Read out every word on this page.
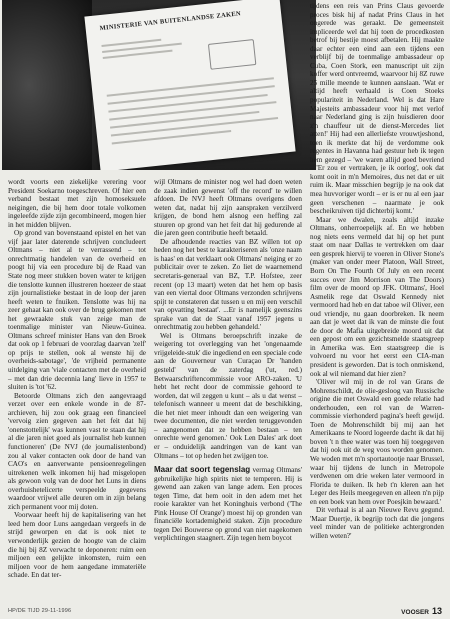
MINISTERIE VAN BUITENLANDSE ZAKEN

wordt voorts een ziekelijke verering voor President Soekarno toegeschreven. Of hier een verband bestaat met zijn homoseksuele neigingen, die bij hem door totale volkomen ingeleefde zijde zijn gecombineerd, mogen hier in het midden blijven.

Op grond van bovenstaand epistel en het van vijf jaar later daterende schrijven concludeert Oltmans – niet al te verrassend – tot onrechtmatig handelen van de overheid en poogt hij via een procedure bij de Raad van State nog meer stukken boven water te krijgen die tenslotte kunnen illustreren hoezeer de staat zijn journalistieke bestaat in de loop der jaren heeft weten te fnuiken. Tenslotte was hij na zeer gehaat kan ook over de brug gekomen met het gewraakte stuk van zeige man de toenmalige minister van Nieuw-Guinea. Oltmans schreef minister Hans van den Broek dat ook op 1 februari de voorzlag daarvan 'zelf' op prijs te stellen, ook al wenste hij de overheids-sabotage', 'de vrijheid permanente uitdelging van 'viale contacten met de overheid – met dan drie decennia lang' lieve in 1957 te sluiten is 'tot '62.

Betoorde Oltmans zich den aangevraagd verzet over een enkele wonde in de 87-archieven, hij zou ook graag een financieel 'vervoig zien gegeven aan het feit dat hij 'onenstottelijk' was kunnen vast te staan dat hij al die jaren niet goed als journalist heb kunnen functioneren' (De NVJ (de journalistenbond) zou al vaker contacten ook door de hand van CAO's en aanverwante pensioenregelingen uitrekenen welk inkomen hij had misgelopen als gewoon volg van de door het Luns in diens overhuishetelicerte verspeelde gegevens waardoor vrijwel alle deuren om in zijn belang zich permanent voor mij doten.

Voorwaar heeft hij de kapitalisering van het leed hem door Luns aangedaan vergeefs in de strijd geworpen en dat is ook niet te verwonderlijk gezien de hoogte van de claim die hij bij 8Z verwacht te deponeren: ruim een miljoen een gelijkte inkomsten, ruim een miljoen voor de hem aangedane immateriële schade. En dat ter-

wijl Oltmans de minister nog wel had doen weten de zaak indien gewenst 'off the record' te willen afdoen. De NVJ heeft Oltmans overigens doen weten dat, nadat hij zijn aanspraken verzilverd krijgen, de bond hem alsnog een heffing zal stuuren op grond van het feit dat hij gedurende al die jaren geen contributie heeft betaald.

De afhoudende reacties van BZ willen tot op heden nog het best te karakteriseren als 'onze naam is haas' en dat verklaart ook Oltmans' neiging er zo publicitair over te zeken. Zo liet de waarnemend secretaris-generaal van BZ, T.P. Hofstee, zeer recent (op 13 maart) weten dat het hem op basis van een viertal door Oltmans verzonden schrijvens spijt te constateren dat tussen u en mij een verschil van opvatting bestaat'. ...Er is namelijk geenszins sprake van dat de Staat vanaf 1957 jegens u onrechtmatig zou hebben gehandeld.'

Wel is Oltmans beroepschrift inzake de weigering tot overlegging van het 'ongenaamde vrijgeleide-stuk' die ingediend en een speciale code aan de Gouverneur van Curaçao Dr 'handen gesteld' van de zaterdag ('ut, red.) Betwaarschriftencommissie voor ARO-zaken. 'U hebt het recht door de commissie gehoord te worden, dat wil zeggen u kunt – als u dat wenst – telefonisch wanneer u meent dat de beschikking, die het niet meer inhoudt dan een weigering van twee documenten, die niet werden teruggevonden – aangenomen dat ze hebben bestaan – ten onrechte werd genomen.' Ook Len Dales' ark doet er – onduidelijk aandringen van de kant van Oltmans – tot op heden het zwijgen toe.

Maar dat soort tegenslag vermag Oltmans' gebruikelijke high spirits niet te temperen. Hij is gewend aan zaken van lange adem. Een proces tegen Time, dat hem ooit in den adem met het rooie karakter van het Koninghuis verbond ('The Pink House Of Orange') moest hij op gronden van financiële kortademigheid staken. Zijn procedure tegen Dei Bouwerse op grond van niet nagekomen verplichtingen staagnert. Zijn tegen hem boycot

tijdens een reis van Prins Claus gevoerde proces bisk hij af nadat Prins Claus in het ongerede was geraakt. De gemeensteit impliceerde wel dat hij toen de procedkosten betrof bij bestije moest afbetalen. Hij maakte daar echter een eind aan een tijdens een verblijf bij de toenmalige ambassadeur op Cuba, Coen Stork, een manuscript uit zijn koffer werd ontvreemd, waarvoor hij 8Z ruwe 25 mille meende te kunnen aanslaan. 'Wat er altijd heeft verhaald is Coen Stoeks populariteit in Nederland. Wel is dat Hare Majesteits ambassadeur voor hij met verlof naar Nederland ging is zijn huisdieren door z'n chauffeur uit de dienst-Mercedes liet atten!' Hij had een allerliefste vrouwtjeshond, toen ik merkte dat hij de verdomme ook regentes in Havanna had gestuur heb ik tegen hem gezegd – 'we waren allijd goed bevriend – 'Er zou er vertraken, je ik oorlog', ook dat komt ooit in m'n Memoires, dus net dat er uit ruim ik. Maar misschien begrijp je na ook dat mea huvvoriger wordt – er is er nu al een jaar geen verschenen – naarmate je ook bescheikruiven tijd dichterbij komt.'

Maar we dwalen, zoals altijd inzake Oltmans, onherroepelijk af. En we hebben nog niets eens vermeld dat hij op het punt staat om naar Dallas te vertrekken om daar een gesprek hiervij te voeren in Oliver Stone's (maker van onder meer Platoon, Wall Street, Born On The Fourth Of July en een recent succes over Jim Morrison van The Doors) film over de moord op JFK. Oltmans', Hoel Asmelik rege dat Oswald Kennedy niet vermoord had heb en dat taboe wil Oliver, een oud vriendje, nu gaan doorbreken. Ik neem aan dat je weet dat ik van de minste die fout de door de Mafia uitgebreide moord uit dat een gepost om een gezichtsmelde staatsgreep in Amerika was. Een staatsgreep die is volvoerd nu voor het eerst een CIA-man president is geworden. Dat is toch onmiskend, ook al wil niemand dat hier zien?

'Oliver wil mij in de rol van Grans de Mohrenschildt, de olie-gesloog van Russische origine die met Oswald een goede relatie had onderhouden, een rol van de Warren-commissie vierhonderd pagina's heeft gewijd. Toen de Mohrenschildt bij mij aan het Amerikaans te Noord logeerde dacht ik dat hij boven 't n thee water was toen hij toegegeven dat hij ook uit de weg voos worden genomen. We woden met m'n sportautootje naar Brussel, waar hij tijdens de lunch in Metropole verdwenen om drie weken later vermoord in Florida te duiken. Ik heb t'n kleren aan het Leger des Heils meegegeven en alleen n'n pijp en een boek van hem over Poesjkin bewaard.'

Dit verhaal is al aan Nieuwe Revu gegund. 'Maar Duertje, ik begrijp toch dat die jongens veel minder van de politieke achtergronden willen weten?'

HP/DE TIJD 29-11-1996	VOOSER 13
